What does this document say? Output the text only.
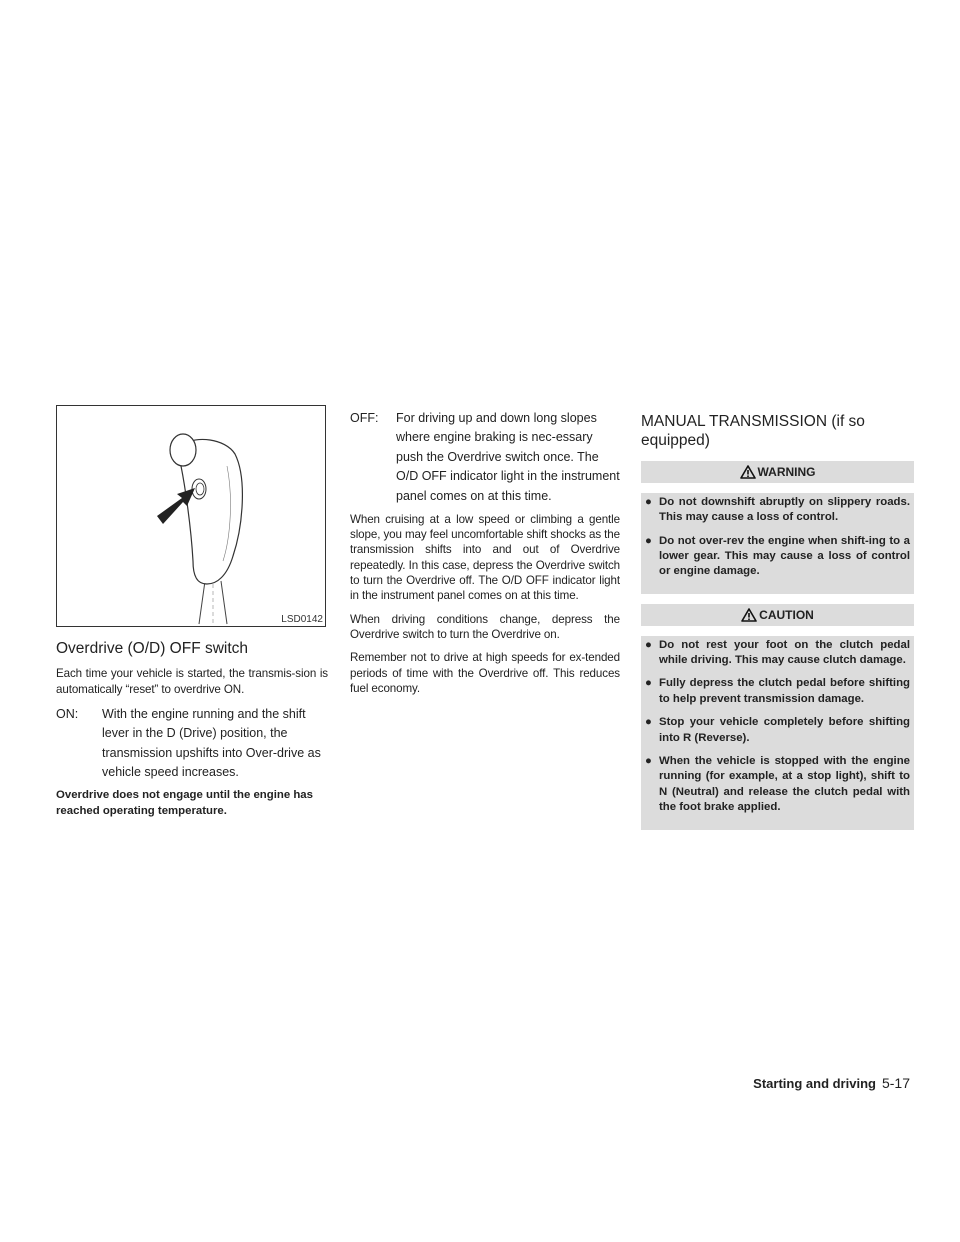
LSD0142
Overdrive (O/D) OFF switch

Each time your vehicle is started, the transmis-sion is automatically “reset” to overdrive ON.

ON:	With the engine running and the shift lever in the D (Drive) position, the transmission upshifts into Over-drive as vehicle speed increases.

Overdrive does not engage until the engine has reached operating temperature.

OFF:	For driving up and down long slopes where engine braking is nec-essary push the Overdrive switch once. The O/D OFF indicator light in the instrument panel comes on at this time.

When cruising at a low speed or climbing a gentle slope, you may feel uncomfortable shift shocks as the transmission shifts into and out of Overdrive repeatedly. In this case, depress the Overdrive switch to turn the Overdrive off. The O/D OFF indicator light in the instrument panel comes on at this time.

When driving conditions change, depress the Overdrive switch to turn the Overdrive on.

Remember not to drive at high speeds for ex-tended periods of time with the Overdrive off. This reduces fuel economy.

MANUAL TRANSMISSION (if so equipped)
WARNING
● Do not downshift abruptly on slippery roads. This may cause a loss of control.
● Do not over-rev the engine when shift-ing to a lower gear. This may cause a loss of control or engine damage.
CAUTION
● Do not rest your foot on the clutch pedal while driving. This may cause clutch damage.
● Fully depress the clutch pedal before shifting to help prevent transmission damage.
● Stop your vehicle completely before shifting into R (Reverse).
● When the vehicle is stopped with the engine running (for example, at a stop light), shift to N (Neutral) and release the clutch pedal with the foot brake applied.
Starting and driving 5-17
